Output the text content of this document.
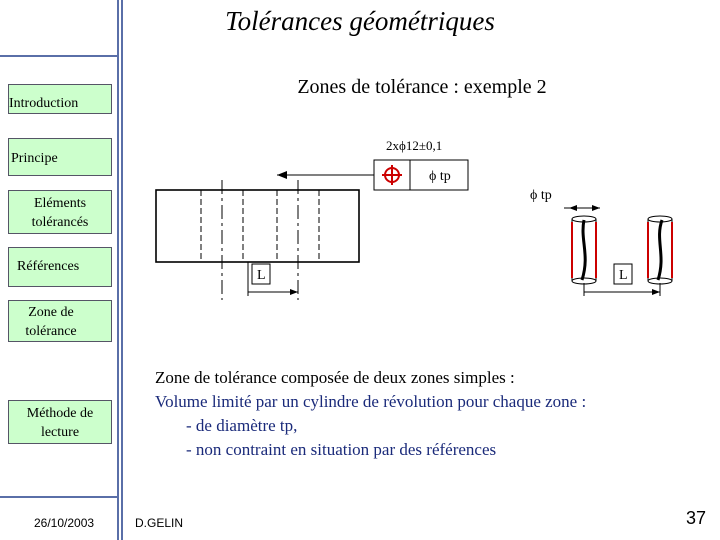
Tolérances géométriques
Introduction
Principe
Eléments tolérancés
Références
Zone de tolérance
Méthode de lecture
Zones de tolérance : exemple 2
2xϕ12±0,1
ϕ tp
ϕ tp
L	L
Zone de tolérance composée de deux zones simples :
Volume limité par un cylindre de révolution pour chaque zone :
- de diamètre tp,
- non contraint en situation par des références
26/10/2003	D.GELIN	37
